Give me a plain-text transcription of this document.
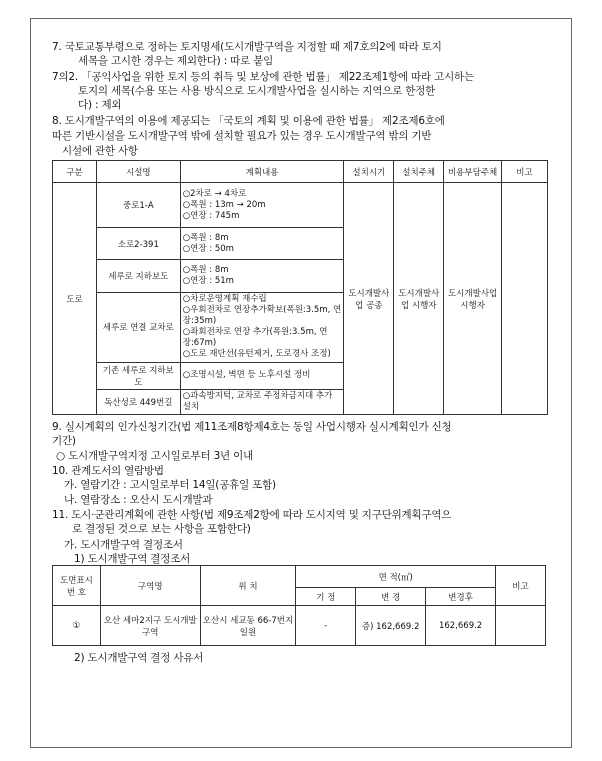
7. 국토교통부령으로 정하는 토지명세(도시개발구역을 지정할 때 제7호의2에 따라 토지
세목을 고시한 경우는 제외한다) : 따로 붙임
7의2. 「공익사업을 위한 토지 등의 취득 및 보상에 관한 법률」 제22조제1항에 따라 고시하는
토지의 세목(수용 또는 사용 방식으로 도시개발사업을 실시하는 지역으로 한정한
다) : 제외
8. 도시개발구역의 이용에 제공되는 「국토의 계획 및 이용에 관한 법률」 제2조제6호에
따른 기반시설을 도시개발구역 밖에 설치할 필요가 있는 경우 도시개발구역 밖의 기반
시설에 관한 사항
구분	시설명	계획내용	설치시기	설치주체	비용부담주체	비고
도로	중로1-A	○2차로 → 4차로
○폭원 : 13m → 20m
○연장 : 745m	도시개발사업 공종	도시개발사업 시행자	도시개발사업 시행자	
	소로2-391	○폭원 : 8m
○연장 : 50m				

	세루로 지하보도	○폭원 : 8m
○연장 : 51m				

	세루로 연결 교차로	○차로운영계획 재수립
○우회전차로 연장추가확보(폭원:3.5m, 연장:35m)
○좌회전차로 연장 추가(폭원:3.5m, 연장:67m)
○도로 재단선(유턴제거, 도로경사 조정)				

	기존 세루로 지하보도	○조명시설, 벽면 등 노후시설 정비				

	독산성로 449번길	○과속방지턱, 교차로 주정차금지대 추가 설치				
9. 실시계획의 인가신청기간(법 제11조제8항제4호는 동일 사업시행자 실시계획인가 신청
기간)
○ 도시개발구역지정 고시일로부터 3년 이내
10. 관계도서의 열람방법
가. 열람기간 : 고시일로부터 14일(공휴일 포함)
나. 열람장소 : 오산시 도시개발과
11. 도시·군관리계획에 관한 사항(법 제9조제2항에 따라 도시지역 및 지구단위계획구역으
로 결정된 것으로 보는 사항을 포함한다)
가. 도시개발구역 결정조서
1) 도시개발구역 결정조서
도면표시 번 호	구역명	위 치	면 적(㎡)			비고
			기 정	변 경	변경후	
①	오산 세마2지구 도시개발구역	오산시 세교동 66-7번지 일원	-	증) 162,669.2	162,669.2	
2) 도시개발구역 결정 사유서
